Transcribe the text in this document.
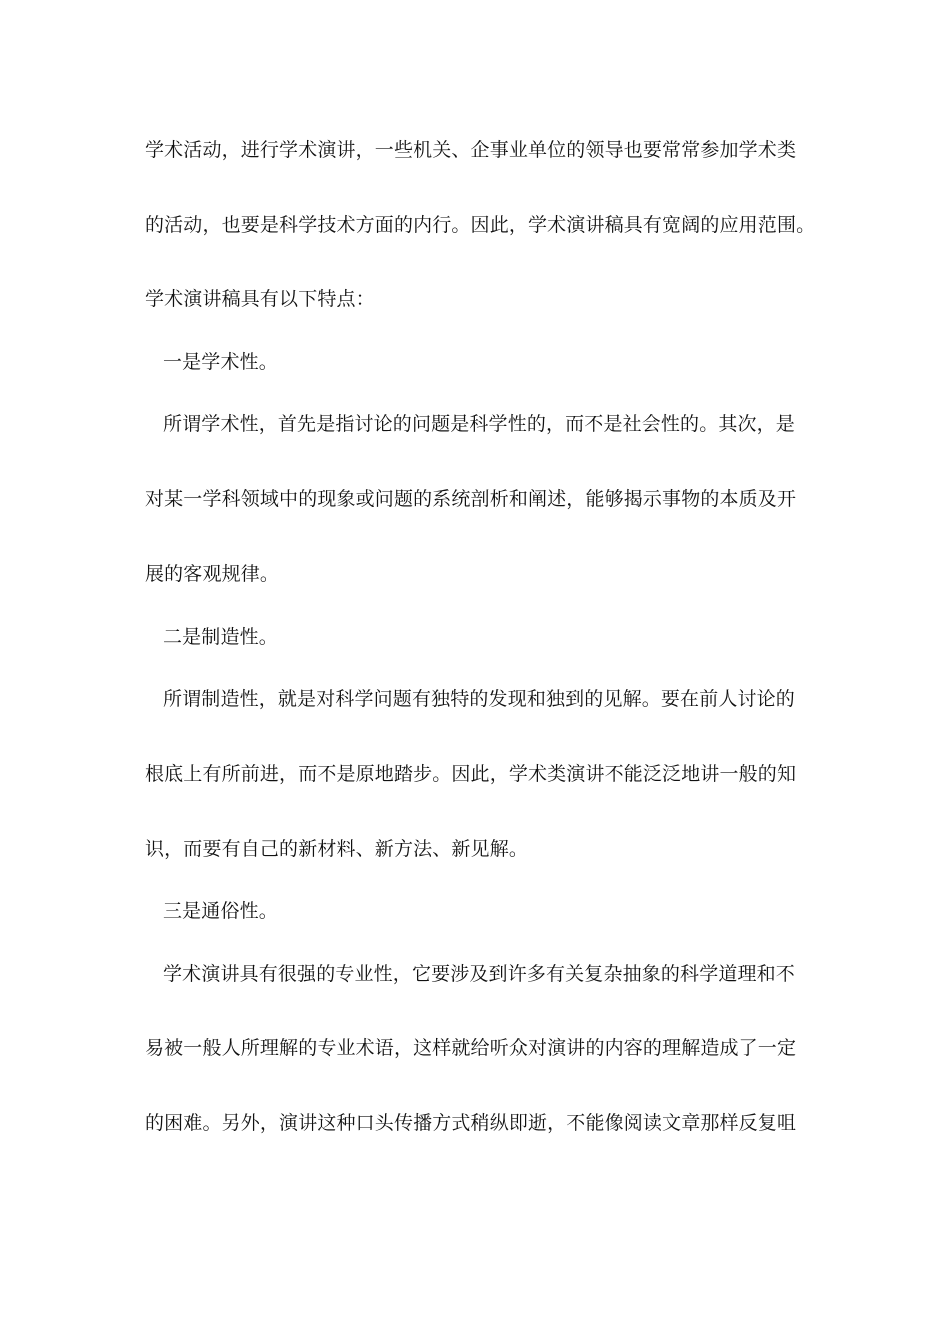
学术活动，进行学术演讲，一些机关、企事业单位的领导也要常常参加学术类
的活动，也要是科学技术方面的内行。因此，学术演讲稿具有宽阔的应用范围。
学术演讲稿具有以下特点：
一是学术性。
所谓学术性，首先是指讨论的问题是科学性的，而不是社会性的。其次，是
对某一学科领域中的现象或问题的系统剖析和阐述，能够揭示事物的本质及开
展的客观规律。
二是制造性。
所谓制造性，就是对科学问题有独特的发现和独到的见解。要在前人讨论的
根底上有所前进，而不是原地踏步。因此，学术类演讲不能泛泛地讲一般的知
识，而要有自己的新材料、新方法、新见解。
三是通俗性。
学术演讲具有很强的专业性，它要涉及到许多有关复杂抽象的科学道理和不
易被一般人所理解的专业术语，这样就给听众对演讲的内容的理解造成了一定
的困难。另外，演讲这种口头传播方式稍纵即逝，不能像阅读文章那样反复咀
